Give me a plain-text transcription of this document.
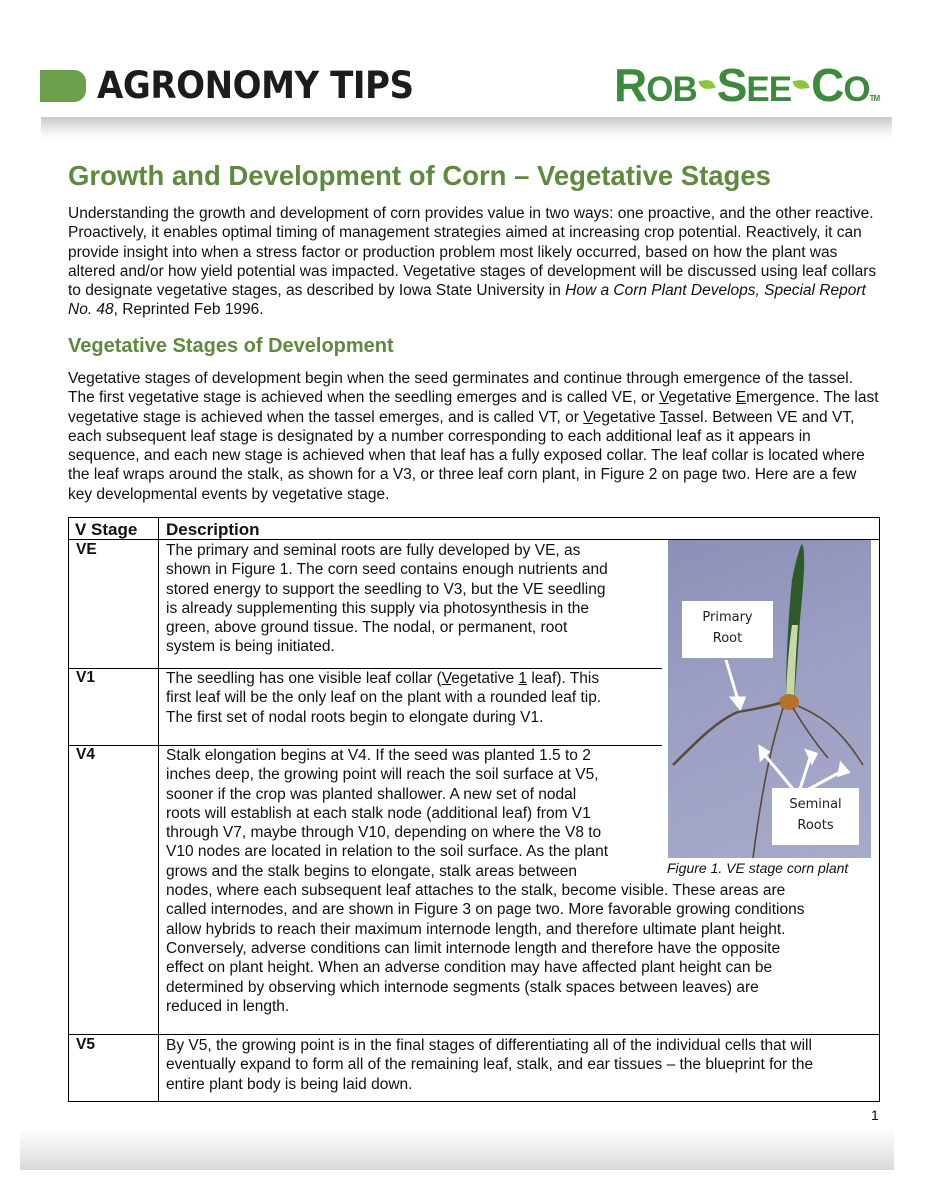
AGRONOMY TIPS	ROB SEE COTM
Growth and Development of Corn – Vegetative Stages
Understanding the growth and development of corn provides value in two ways: one proactive, and the other reactive. Proactively, it enables optimal timing of management strategies aimed at increasing crop potential. Reactively, it can provide insight into when a stress factor or production problem most likely occurred, based on how the plant was altered and/or how yield potential was impacted. Vegetative stages of development will be discussed using leaf collars to designate vegetative stages, as described by Iowa State University in How a Corn Plant Develops, Special Report No. 48, Reprinted Feb 1996.
Vegetative Stages of Development
Vegetative stages of development begin when the seed germinates and continue through emergence of the tassel. The first vegetative stage is achieved when the seedling emerges and is called VE, or Vegetative Emergence. The last vegetative stage is achieved when the tassel emerges, and is called VT, or Vegetative Tassel. Between VE and VT, each subsequent leaf stage is designated by a number corresponding to each additional leaf as it appears in sequence, and each new stage is achieved when that leaf has a fully exposed collar. The leaf collar is located where the leaf wraps around the stalk, as shown for a V3, or three leaf corn plant, in Figure 2 on page two. Here are a few key developmental events by vegetative stage.
V Stage Description
VE	The primary and seminal roots are fully developed by VE, as
shown in Figure 1. The corn seed contains enough nutrients and
stored energy to support the seedling to V3, but the VE seedling
is already supplementing this supply via photosynthesis in the
green, above ground tissue. The nodal, or permanent, root
system is being initiated.
V1	The seedling has one visible leaf collar (Vegetative 1 leaf). This
first leaf will be the only leaf on the plant with a rounded leaf tip.
The first set of nodal roots begin to elongate during V1.
V4	Stalk elongation begins at V4. If the seed was planted 1.5 to 2
inches deep, the growing point will reach the soil surface at V5,
sooner if the crop was planted shallower. A new set of nodal
roots will establish at each stalk node (additional leaf) from V1
through V7, maybe through V10, depending on where the V8 to
V10 nodes are located in relation to the soil surface. As the plant
grows and the stalk begins to elongate, stalk areas between
nodes, where each subsequent leaf attaches to the stalk, become visible. These areas are
called internodes, and are shown in Figure 3 on page two. More favorable growing conditions
allow hybrids to reach their maximum internode length, and therefore ultimate plant height.
Conversely, adverse conditions can limit internode length and therefore have the opposite
effect on plant height. When an adverse condition may have affected plant height can be
determined by observing which internode segments (stalk spaces between leaves) are
reduced in length.
V5	By V5, the growing point is in the final stages of differentiating all of the individual cells that will
eventually expand to form all of the remaining leaf, stalk, and ear tissues – the blueprint for the
entire plant body is being laid down.
Primary
Root
Seminal
Roots
Figure 1. VE stage corn plant
1
